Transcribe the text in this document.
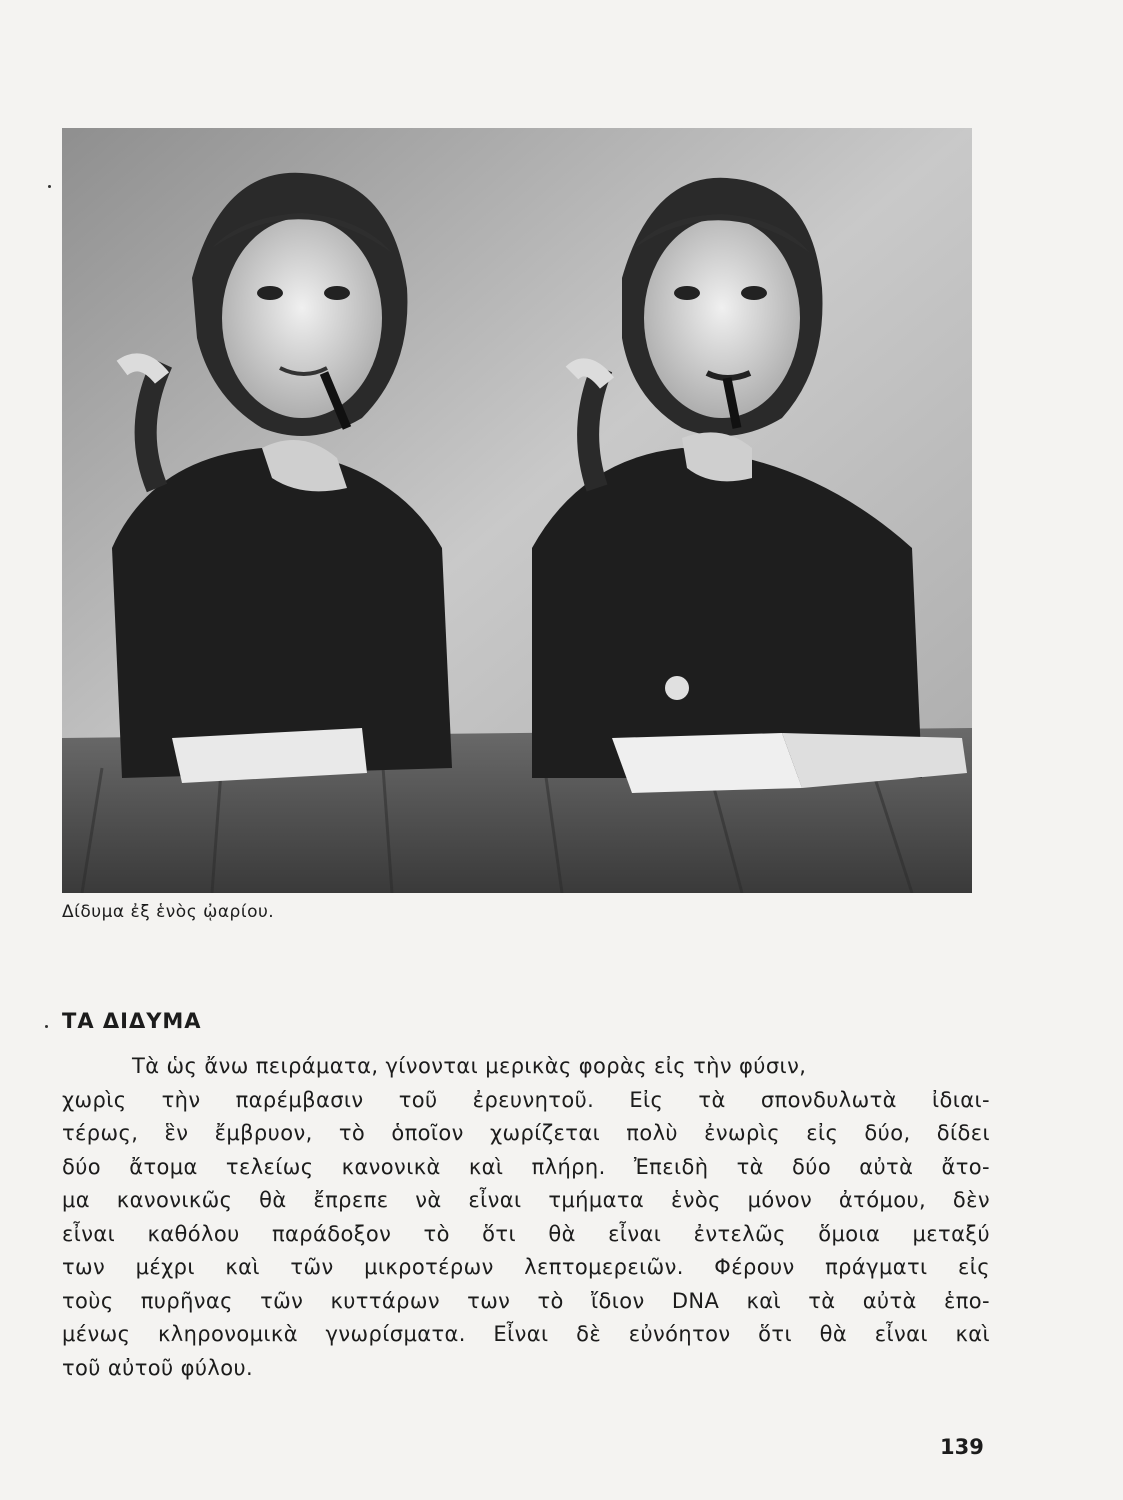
Δίδυμα ἐξ ἑνὸς ᾠαρίου.
ΤΑ ΔΙΔΥΜΑ
Τὰ ὡς ἄνω πειράματα, γίνονται μερικὰς φορὰς εἰς τὴν φύσιν,
χωρὶς τὴν παρέμβασιν τοῦ ἐρευνητοῦ. Εἰς τὰ σπονδυλωτὰ ἰδιαι-
τέρως, ἓν ἔμβρυον, τὸ ὁποῖον χωρίζεται πολὺ ἐνωρὶς εἰς δύο, δίδει
δύο ἄτομα τελείως κανονικὰ καὶ πλήρη. Ἐπειδὴ τὰ δύο αὐτὰ ἄτο-
μα κανονικῶς θὰ ἔπρεπε νὰ εἶναι τμήματα ἑνὸς μόνον ἀτόμου, δὲν
εἶναι καθόλου παράδοξον τὸ ὅτι θὰ εἶναι ἐντελῶς ὅμοια μεταξύ
των μέχρι καὶ τῶν μικροτέρων λεπτομερειῶν. Φέρουν πράγματι εἰς
τοὺς πυρῆνας τῶν κυττάρων των τὸ ἴδιον DNA καὶ τὰ αὐτὰ ἑπο-
μένως κληρονομικὰ γνωρίσματα. Εἶναι δὲ εὐνόητον ὅτι θὰ εἶναι καὶ
τοῦ αὐτοῦ φύλου.
139
